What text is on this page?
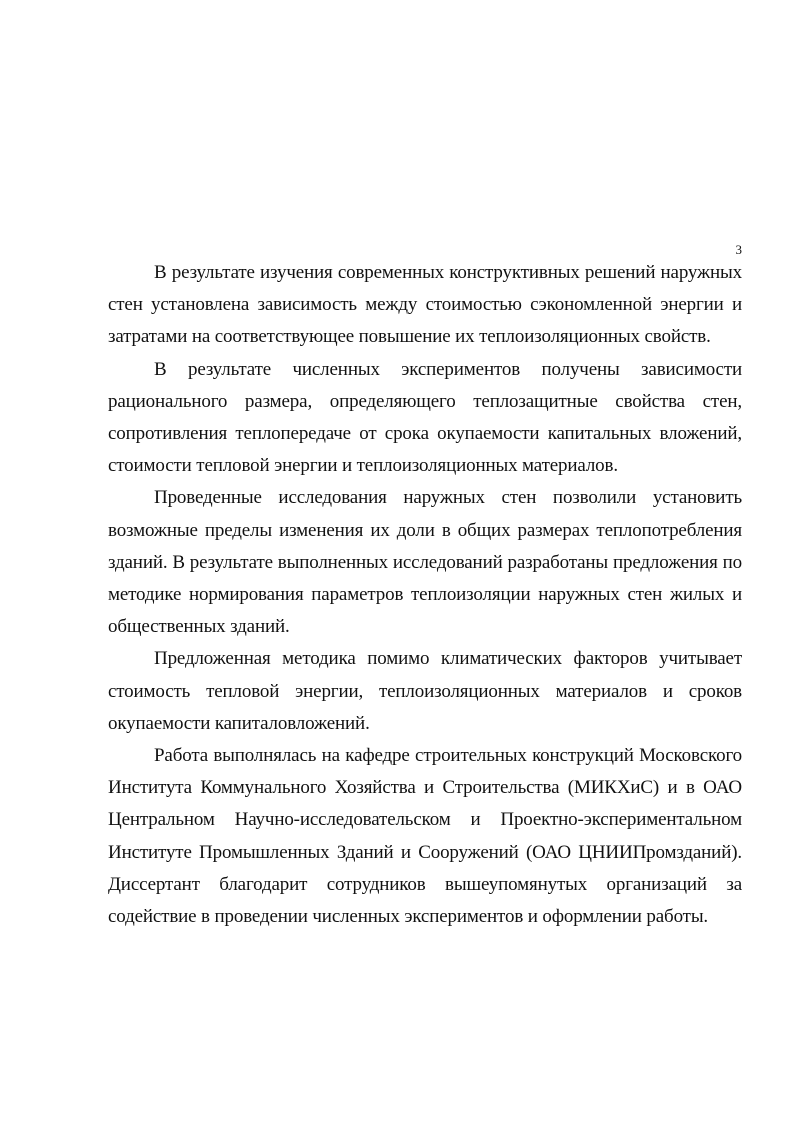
3

В результате изучения современных конструктивных решений наружных стен установлена зависимость между стоимостью сэкономленной энергии и затратами на соответствующее повышение их теплоизоляционных свойств.

В результате численных экспериментов получены зависимости рационального размера, определяющего теплозащитные свойства стен, сопротивления теплопередаче от срока окупаемости капитальных вложений, стоимости тепловой энергии и теплоизоляционных материалов.

Проведенные исследования наружных стен позволили установить возможные пределы изменения их доли в общих размерах теплопотребления зданий. В результате выполненных исследований разработаны предложения по методике нормирования параметров теплоизоляции наружных стен жилых и общественных зданий.

Предложенная методика помимо климатических факторов учитывает стоимость тепловой энергии, теплоизоляционных материалов и сроков окупаемости капиталовложений.

Работа выполнялась на кафедре строительных конструкций Московского Института Коммунального Хозяйства и Строительства (МИКХиС) и в ОАО Центральном Научно-исследовательском и Проектно-экспериментальном Институте Промышленных Зданий и Сооружений (ОАО ЦНИИПромзданий). Диссертант благодарит сотрудников вышеупомянутых организаций за содействие в проведении численных экспериментов и оформлении работы.
